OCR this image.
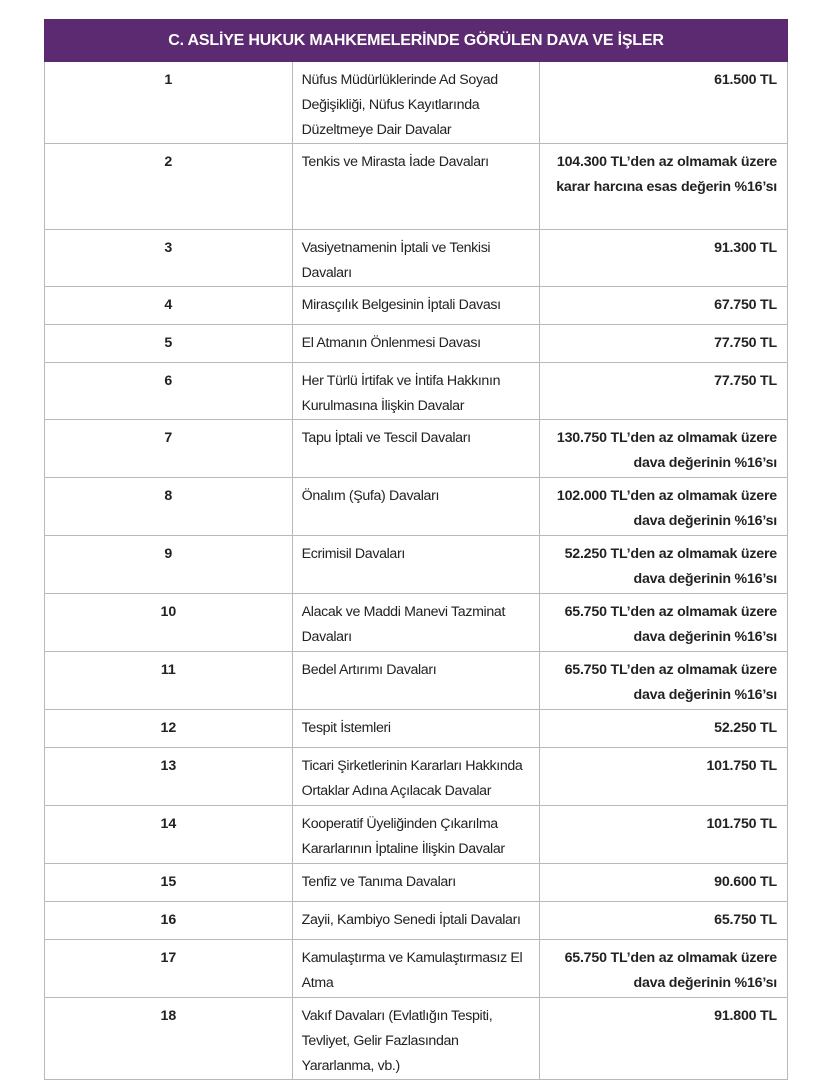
C. ASLİYE HUKUK MAHKEMELERİNDE GÖRÜLEN DAVA VE İŞLER		
1	Nüfus Müdürlüklerinde Ad Soyad Değişikliği, Nüfus Kayıtlarında Düzeltmeye Dair Davalar	61.500 TL
2	Tenkis ve Mirasta İade Davaları	104.300 TL’den az olmamak üzere karar harcına esas değerin %16’sı
3	Vasiyetnamenin İptali ve Tenkisi Davaları	91.300 TL
4	Mirasçılık Belgesinin İptali Davası	67.750 TL
5	El Atmanın Önlenmesi Davası	77.750 TL
6	Her Türlü İrtifak ve İntifa Hakkının Kurulmasına İlişkin Davalar	77.750 TL
7	Tapu İptali ve Tescil Davaları	130.750 TL’den az olmamak üzere dava değerinin %16’sı
8	Önalım (Şufa) Davaları	102.000 TL’den az olmamak üzere dava değerinin %16’sı
9	Ecrimisil Davaları	52.250 TL’den az olmamak üzere dava değerinin %16’sı
10	Alacak ve Maddi Manevi Tazminat Davaları	65.750 TL’den az olmamak üzere dava değerinin %16’sı
11	Bedel Artırımı Davaları	65.750 TL’den az olmamak üzere dava değerinin %16’sı
12	Tespit İstemleri	52.250 TL
13	Ticari Şirketlerinin Kararları Hakkında Ortaklar Adına Açılacak Davalar	101.750 TL
14	Kooperatif Üyeliğinden Çıkarılma Kararlarının İptaline İlişkin Davalar	101.750 TL
15	Tenfiz ve Tanıma Davaları	90.600 TL
16	Zayii, Kambiyo Senedi İptali Davaları	65.750 TL
17	Kamulaştırma ve Kamulaştırmasız El Atma	65.750 TL’den az olmamak üzere dava değerinin %16’sı
18	Vakıf Davaları (Evlatlığın Tespiti, Tevliyet, Gelir Fazlasından Yararlanma, vb.)	91.800 TL
